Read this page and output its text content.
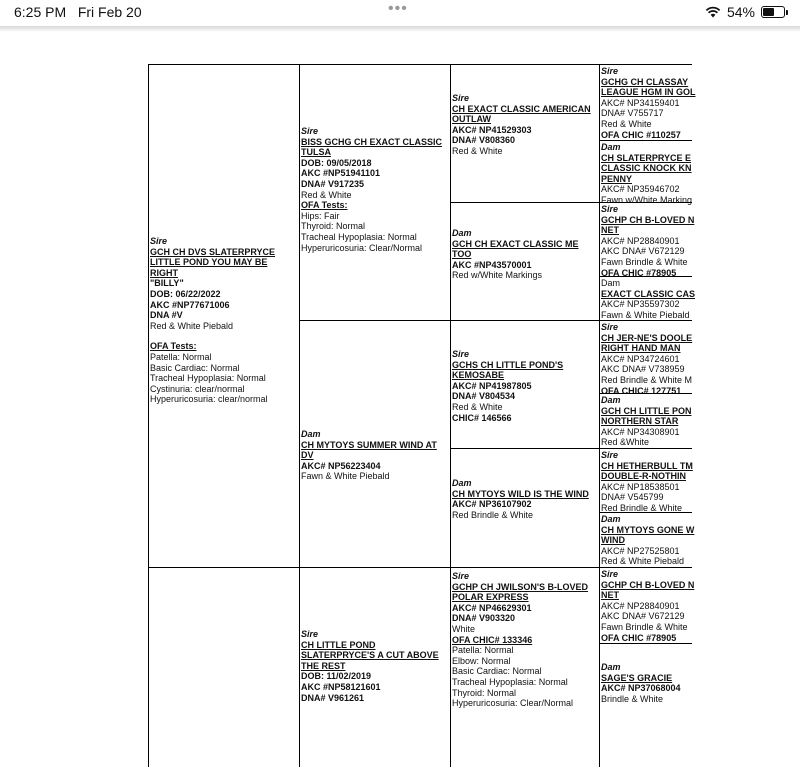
6:25 PM Fri Feb 20	•••	54%
Sire
GCH CH DVS SLATERPRYCE LITTLE POND YOU MAY BE RIGHT
"BILLY"
DOB: 06/22/2022
AKC #NP77671006
DNA #V
Red & White Piebald
OFA Tests:
Patella: Normal
Basic Cardiac: Normal
Tracheal Hypoplasia: Normal
Cystinuria: clear/normal
Hyperuricosuria: clear/normal
Sire
BISS GCHG CH EXACT CLASSIC TULSA
DOB: 09/05/2018
AKC #NP51941101
DNA# V917235
Red & White
OFA Tests:
Hips: Fair
Thyroid: Normal
Tracheal Hypoplasia: Normal
Hyperuricosuria: Clear/Normal
Dam
CH MYTOYS SUMMER WIND AT DV
AKC# NP56223404
Fawn & White Piebald
Sire
CH LITTLE POND SLATERPRYCE'S A CUT ABOVE THE REST
DOB: 11/02/2019
AKC #NP58121601
DNA# V961261
Sire
CH EXACT CLASSIC AMERICAN OUTLAW
AKC# NP41529303
DNA# V808360
Red & White
Dam
GCH CH EXACT CLASSIC ME TOO
AKC #NP43570001
Red w/White Markings
Sire
GCHS CH LITTLE POND'S KEMOSABE
AKC# NP41987805
DNA# V804534
Red & White
CHIC# 146566
Dam
CH MYTOYS WILD IS THE WIND
AKC# NP36107902
Red Brindle & White
Sire
GCHP CH JWILSON'S B-LOVED POLAR EXPRESS
AKC# NP46629301
DNA# V903320
White
OFA CHIC# 133346
Patella: Normal
Elbow: Normal
Basic Cardiac: Normal
Tracheal Hypoplasia: Normal
Thyroid: Normal
Hyperuricosuria: Clear/Normal
Sire
GCHG CH CLASSAY LEAGUE HGM IN GOL
AKC# NP34159401
DNA# V755717
Red & White
OFA CHIC #110257
Dam
CH SLATERPRYCE E CLASSIC KNOCK KN PENNY
AKC# NP35946702
Fawn w/White Marking
Sire
GCHP CH B-LOVED N NET
AKC# NP28840901
AKC DNA# V672129
Fawn Brindle & White
OFA CHIC #78905
Dam
EXACT CLASSIC CAS
AKC# NP35597302
Fawn & White Piebald
Sire
CH JER-NE'S DOOLE RIGHT HAND MAN
AKC# NP34724601
AKC DNA# V738959
Red Brindle & White M
OFA CHIC# 127751
Dam
GCH CH LITTLE PON NORTHERN STAR
AKC# NP34308901
Red &White
Sire
CH HETHERBULL TM DOUBLE-R-NOTHIN
AKC# NP18538501
DNA# V545799
Red Brindle & White
Dam
CH MYTOYS GONE W WIND
AKC# NP27525801
Red & White Piebald
Sire
GCHP CH B-LOVED N NET
AKC# NP28840901
AKC DNA# V672129
Fawn Brindle & White
OFA CHIC #78905
Dam
SAGE'S GRACIE
AKC# NP37068004
Brindle & White
